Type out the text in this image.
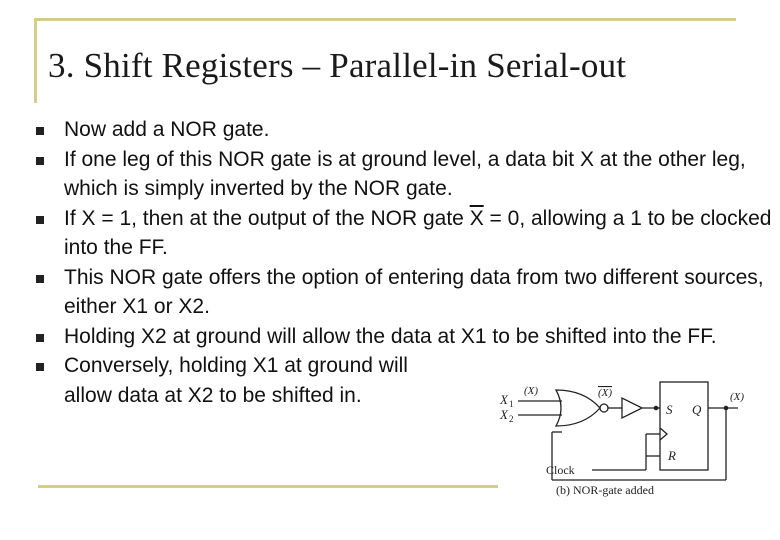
3. Shift Registers – Parallel-in Serial-out
Now add a NOR gate.
If one leg of this NOR gate is at ground level, a data bit X at the other leg, which is simply inverted by the NOR gate.
If X = 1, then at the output of the NOR gate $\overline{X} = 0$, allowing a 1 to be clocked into the FF.
This NOR gate offers the option of entering data from two different sources, either X1 or X2.
Holding X2 at ground will allow the data at X1 to be shifted into the FF.
Conversely, holding X1 at ground will
allow data at X2 to be shifted in.	X 1
X 2
(X)	(X)
S Q
(X)
R
Clock
(b) NOR-gate added
